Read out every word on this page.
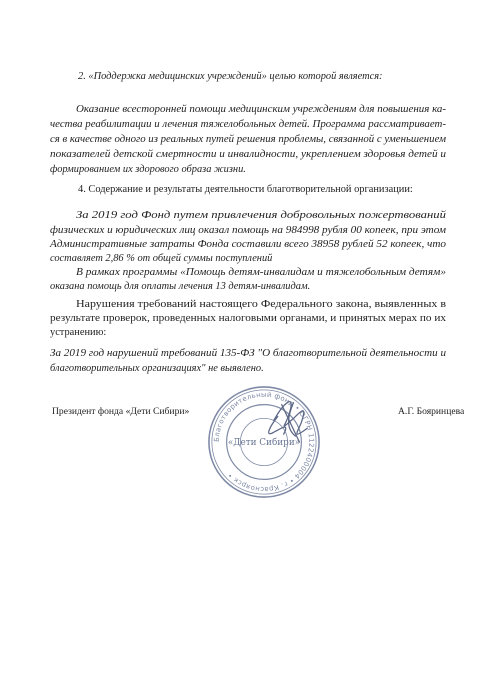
2. «Поддержка медицинских учреждений» целью которой является:
Оказание всесторонней помощи медицинским учреждениям для повышения ка-
чества реабилитации и лечения тяжелобольных детей. Программа рассматривает-
ся в качестве одного из реальных путей решения проблемы, связанной с уменьшением
показателей детской смертности и инвалидности, укреплением здоровья детей и
формированием их здорового образа жизни.
4. Содержание и результаты деятельности благотворительной организации:
За 2019 год Фонд путем привлечения добровольных пожертвований
физических и юридических лиц оказал помощь на 984998 рубля 00 копеек, при этом
Административные затраты Фонда составили всего 38958 рублей 52 копеек, что
составляет 2,86 % от общей суммы поступлений
В рамках программы «Помощь детям-инвалидам и тяжелобольным детям»
оказана помощь для оплаты лечения 13 детям-инвалидам.
Нарушения требований настоящего Федерального закона, выявленных в
результате проверок, проведенных налоговыми органами, и принятых мерах по их
устранению:
За 2019 год нарушений требований 135-ФЗ "О благотворительной деятельности и
благотворительных организациях" не выявлено.
Президент фонда «Дети Сибири»	А.Г. Бояринцева
Благотворительный фонд • ОГРН 1122400004 • г. Красноярск •
«Дети Сибири»
